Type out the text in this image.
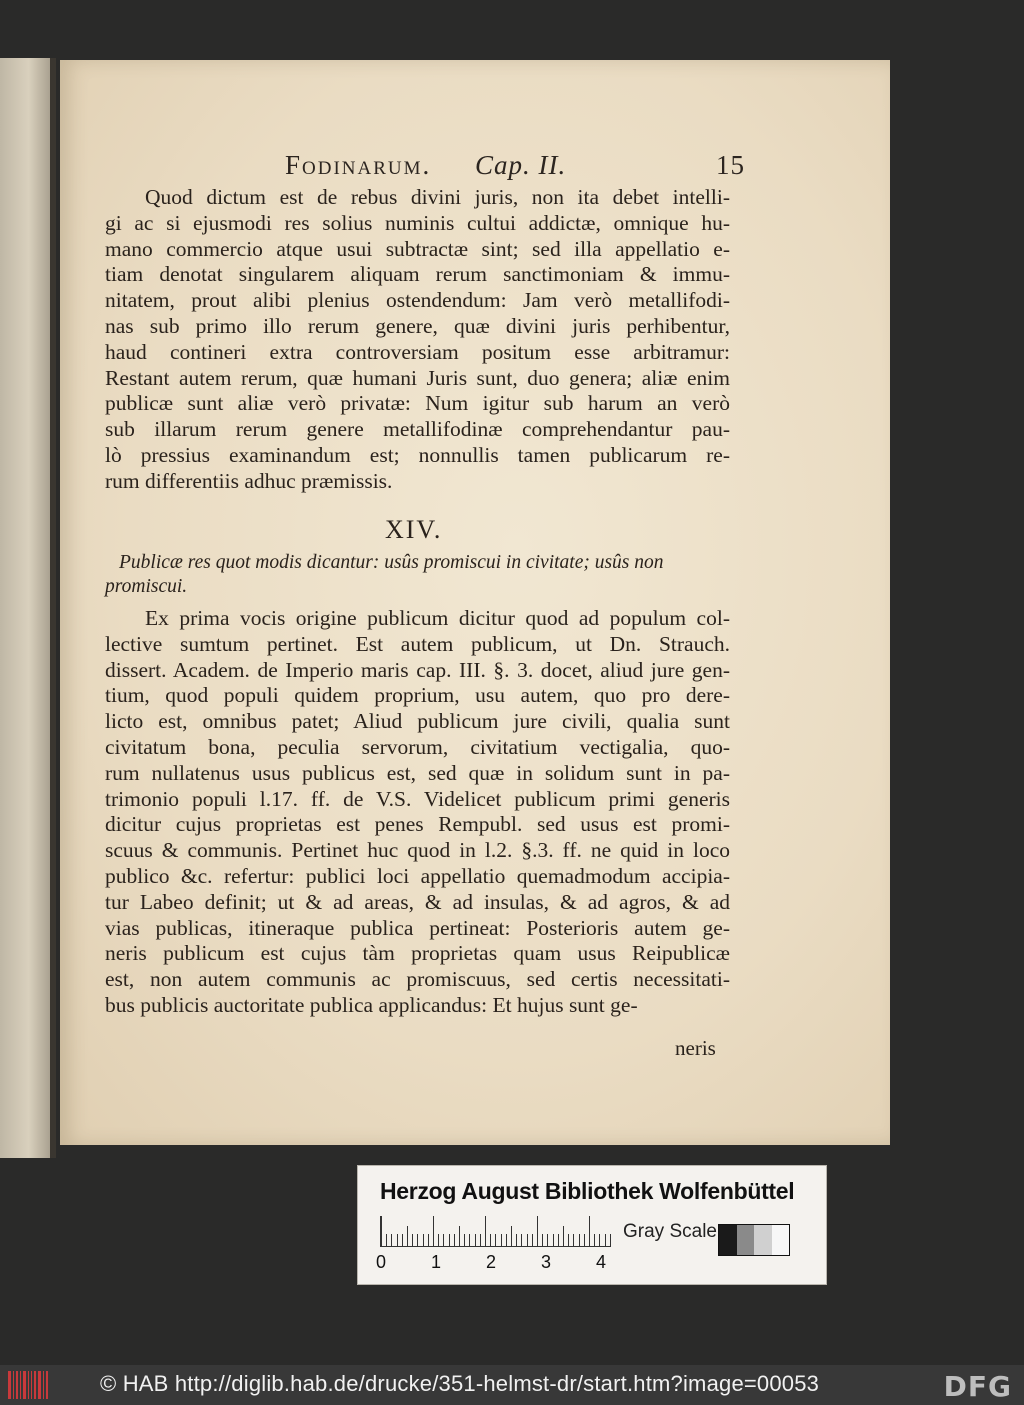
Fodinarum. Cap. II.	15
Quod dictum est de rebus divini juris, non ita debet intelli-
gi ac si ejusmodi res solius numinis cultui addictæ, omnique hu-
mano commercio atque usui subtractæ sint; sed illa appellatio e-
tiam denotat singularem aliquam rerum sanctimoniam & immu-
nitatem, prout alibi plenius ostendendum: Jam verò metallifodi-
nas sub primo illo rerum genere, quæ divini juris perhibentur,
haud contineri extra controversiam positum esse arbitramur:
Restant autem rerum, quæ humani Juris sunt, duo genera; aliæ enim
publicæ sunt aliæ verò privatæ: Num igitur sub harum an verò
sub illarum rerum genere metallifodinæ comprehendantur pau-
lò pressius examinandum est; nonnullis tamen publicarum re-
rum differentiis adhuc præmissis.
XIV.
Publicæ res quot modis dicantur: usûs promiscui in civitate; usûs non
promiscui.
Ex prima vocis origine publicum dicitur quod ad populum col-
lective sumtum pertinet. Est autem publicum, ut Dn. Strauch.
dissert. Academ. de Imperio maris cap. III. §. 3. docet, aliud jure gen-
tium, quod populi quidem proprium, usu autem, quo pro dere-
licto est, omnibus patet; Aliud publicum jure civili, qualia sunt
civitatum bona, peculia servorum, civitatium vectigalia, quo-
rum nullatenus usus publicus est, sed quæ in solidum sunt in pa-
trimonio populi l.17. ff. de V.S. Videlicet publicum primi generis
dicitur cujus proprietas est penes Rempubl. sed usus est promi-
scuus & communis. Pertinet huc quod in l.2. §.3. ff. ne quid in loco
publico &c. refertur: publici loci appellatio quemadmodum accipia-
tur Labeo definit; ut & ad areas, & ad insulas, & ad agros, & ad
vias publicas, itineraque publica pertineat: Posterioris autem ge-
neris publicum est cujus tàm proprietas quam usus Reipublicæ
est, non autem communis ac promiscuus, sed certis necessitati-
bus publicis auctoritate publica applicandus: Et hujus sunt ge-
neris
Herzog August Bibliothek Wolfenbüttel
0 1 2 3 4
Gray Scale
© HAB http://diglib.hab.de/drucke/351-helmst-dr/start.htm?image=00053	DFG
